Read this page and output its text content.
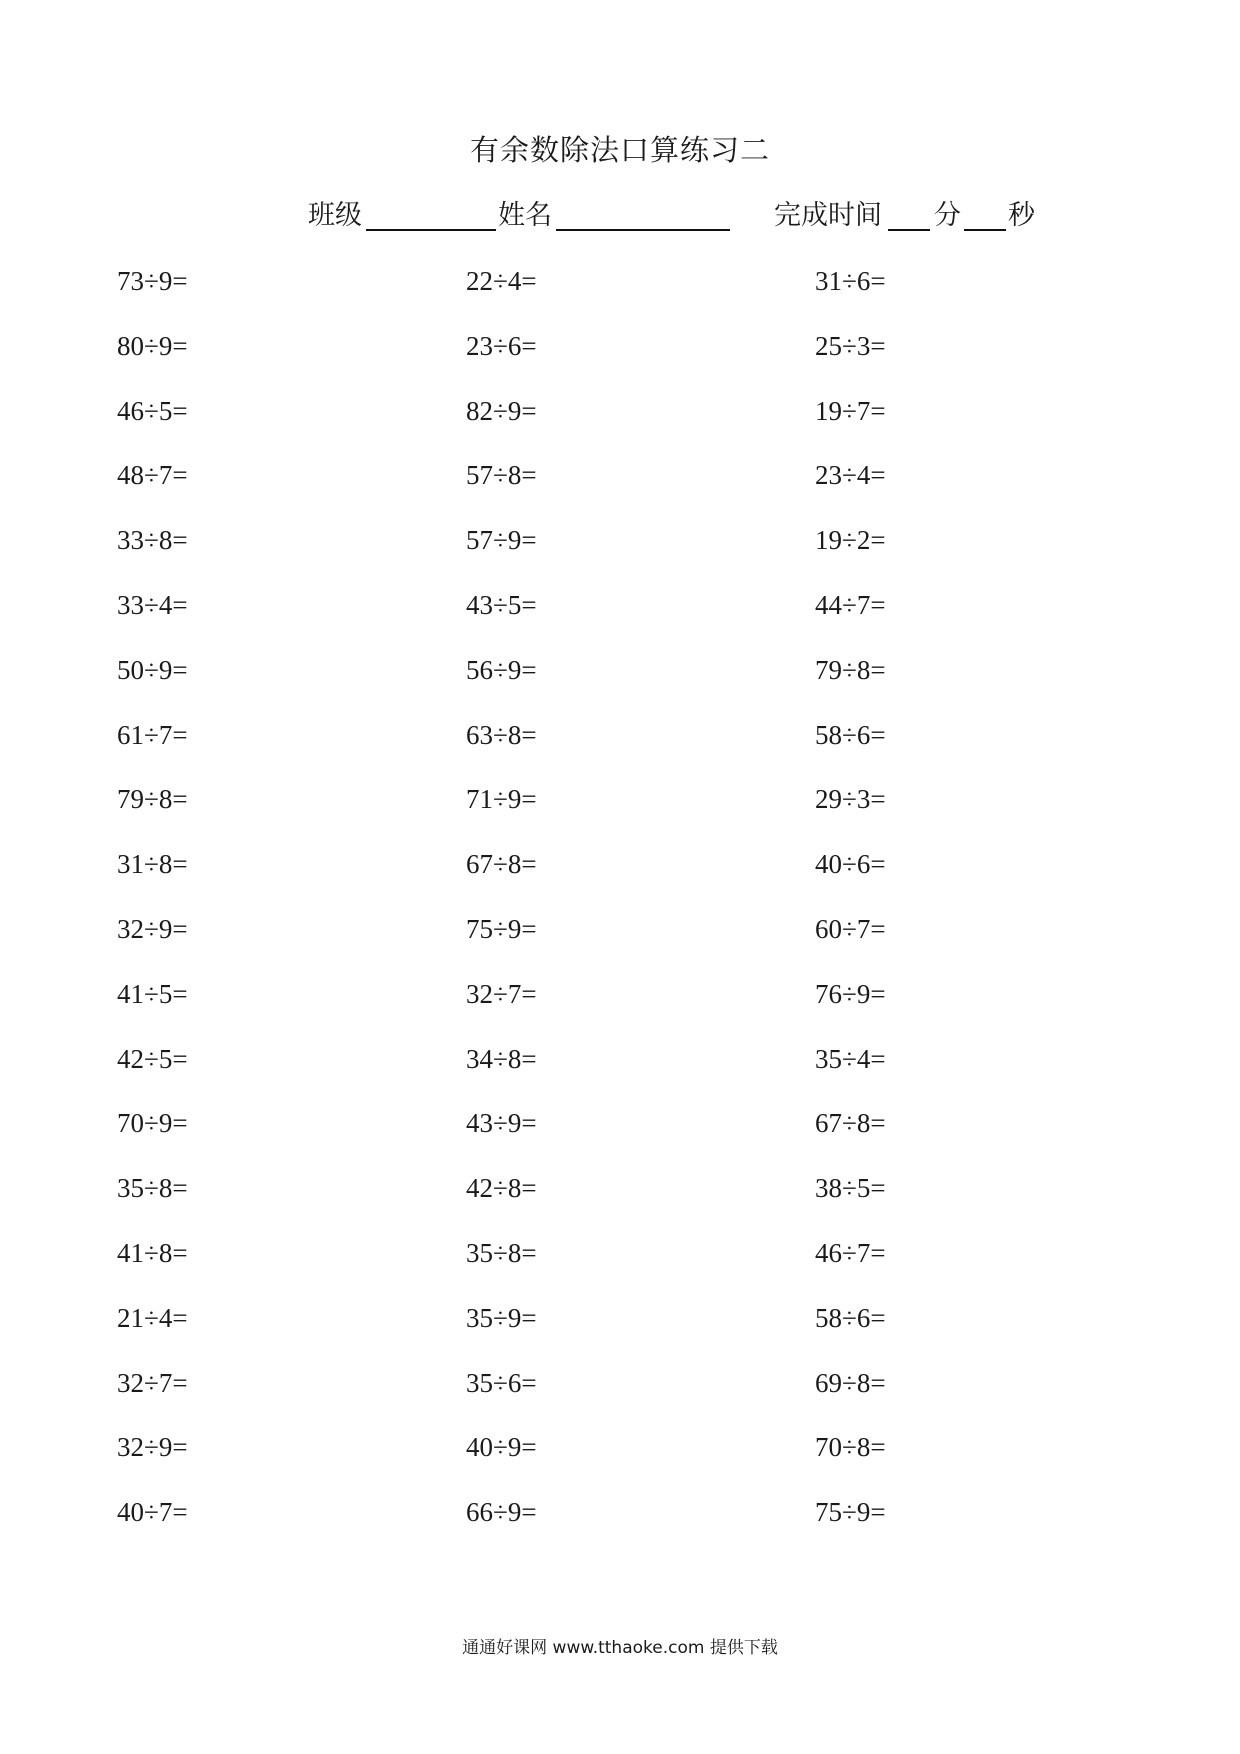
有余数除法口算练习二
班级	姓名	完成时间 分 秒
73÷9=
80÷9=
46÷5=
48÷7=
33÷8=
33÷4=
50÷9=
61÷7=
79÷8=
31÷8=
32÷9=
41÷5=
42÷5=
70÷9=
35÷8=
41÷8=
21÷4=
32÷7=
32÷9=
40÷7=
22÷4=
23÷6=
82÷9=
57÷8=
57÷9=
43÷5=
56÷9=
63÷8=
71÷9=
67÷8=
75÷9=
32÷7=
34÷8=
43÷9=
42÷8=
35÷8=
35÷9=
35÷6=
40÷9=
66÷9=
31÷6=
25÷3=
19÷7=
23÷4=
19÷2=
44÷7=
79÷8=
58÷6=
29÷3=
40÷6=
60÷7=
76÷9=
35÷4=
67÷8=
38÷5=
46÷7=
58÷6=
69÷8=
70÷8=
75÷9=
通通好课网 www.tthaoke.com 提供下载
